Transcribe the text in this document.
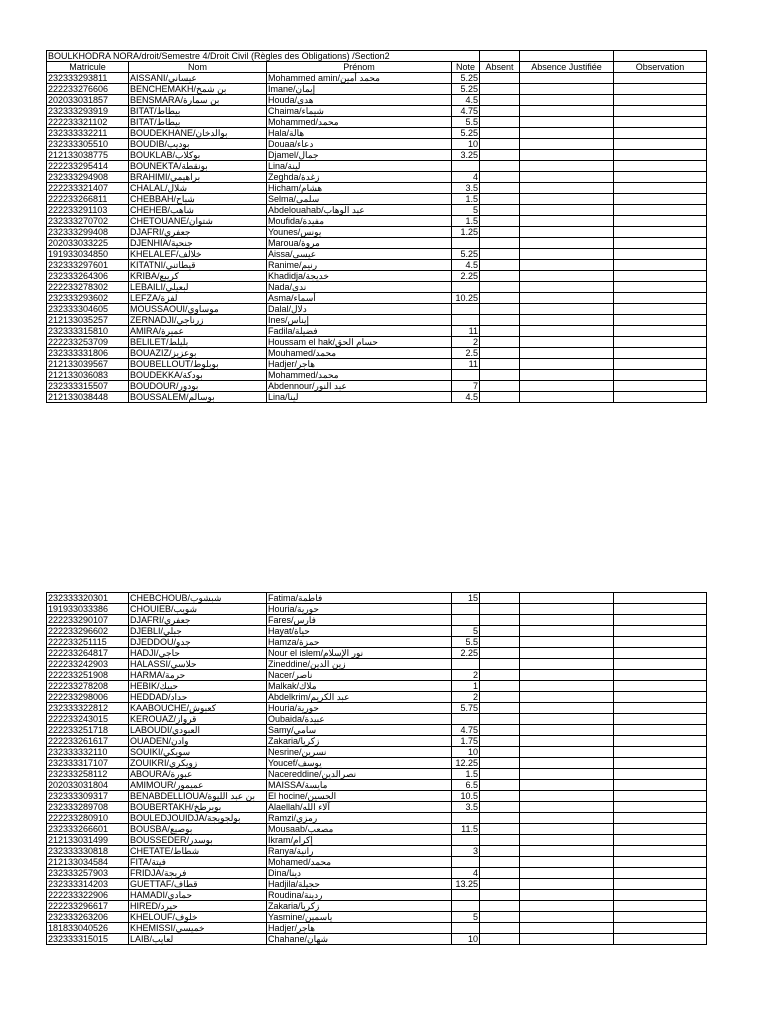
BOULKHODRA NORA/droit/Semestre 4/Droit Civil (Règles des Obligations) /Section2						
Matricule	Nom	Prénom	Note	Absent	Absence Justifiée	Observation
232333293811	AISSANI/عيساني	Mohammed amin/محمد أمين	5.25			
222233276606	BENCHEMAKH/بن شمخ	Imane/إيمان	5.25			
202033031857	BENSMARA/بن سمارة	Houda/هدى	4.5			
232333293919	BITAT/بيطاط	Chaima/شيماء	4.75			
222233321102	BITAT/بيطاط	Mohammed/محمد	5.5			
232333332211	BOUDEKHANE/بوالدخان	Hala/هالة	5.25			
232333305510	BOUDIB/بوديب	Douaa/دعاء	10			
212133038775	BOUKLAB/بوكلاب	Djamel/جمال	3.25			
222233295414	BOUNEKTA/بونقطة	Lina/لينة				
232333294908	BRAHIMI/براهيمي	Zeghda/زغدة	4			
222233321407	CHALAL/شلال	Hicham/هشام	3.5			
222233266811	CHEBBAH/شباح	Selma/سلمى	1.5			
222233291103	CHEHEB/شاهب	Abdelouahab/عبد الوهاب	5			
232333270702	CHETOUANE/شتوان	Moufida/مفيدة	1.5			
232333299408	DJAFRI/جعفري	Younes/يونس	1.25			
202033033225	DJENHIA/جنحية	Maroua/مروة				
191933034850	KHELALEF/خلالف	Aissa/عيسى	5.25			
232333297601	KITATNI/قيطاتني	Ranime/رنيم	4.5			
232333264306	KRIBA/كريبع	Khadidja/خديجة	2.25			
222233278302	LEBAILI/لبعيلي	Nada/ندى				
232333293602	LEFZA/لفزة	Asma/أسماء	10.25			
232333304605	MOUSSAOUI/موساوي	Dalal/دلال				
212133035257	ZERNADJI/زرناجي	Ines/إيناس				
232333315810	AMIRA/عميرة	Fadila/فضيلة	11			
222233253709	BELILET/بليلط	Houssam el hak/حسام الحق	2			
232333331806	BOUAZIZ/بوعزيز	Mouhamed/محمد	2.5			
212133039567	BOUBELLOUT/بوبلوط	Hadjer/هاجر	11			
212133036083	BOUDEKKA/بودكة	Mohammed/محمد				
232333315507	BOUDOUR/بودور	Abdennour/عبد النور	7			
212133038448	BOUSSALEM/بوسالم	Lina/لينا	4.5			
232333320301	CHEBCHOUB/شبشوب	Fatima/فاطمة	15			
191933033386	CHOUIEB/شويب	Houria/حورية				
222233290107	DJAFRI/جعفري	Fares/فارس				
222233296602	DJEBLI/جبلي	Hayat/حياة	5			
222233251115	DJEDDOU/جدو	Hamza/حمزة	5.5			
222233264817	HADJI/حاجي	Nour el islem/نور الإسلام	2.25			
222233242903	HALASSI/حلاسي	Zineddine/زين الدين				
222233251908	HARMA/حرمة	Nacer/ناصر	2			
222233278208	HEBIK/حبيك	Malkak/ملاك	1			
222233298006	HEDDAD/حداد	Abdelkrim/عبد الكريم	2			
232333322812	KAABOUCHE/كعبوش	Houria/حورية	5.75			
222233243015	KEROUAZ/قرواز	Oubaida/عبيدة				
222233251718	LABOUDI/العبودي	Samy/سامي	4.75			
222233261617	OUADEN/وادن	Zakaria/زكريا	1.75			
232333332110	SOUIKI/سويكي	Nesrine/نسرين	10			
232333317107	ZOUIKRI/زويكري	Youcef/يوسف	12.25			
232333258112	ABOURA/عبورة	Nacereddine/نصرالدين	1.5			
202033031804	AMIMOUR/عميمور	MAISSA/مايسة	6.5			
232333309317	BENABDELLIOUA/بن عبد الليوة	El hocine/الحسين	10.5			
232333289708	BOUBERTAKH/بوبرطخ	Alaellah/آلاء الله	3.5			
222233280910	BOULEDJOUIDJA/بولجويجة	Ramzi/رمزي				
232333266601	BOUSBA/بوصبع	Mousaab/مصعب	11.5			
212133031499	BOUSSEDER/بوسدر	Ikram/إكرام				
232333330818	CHETATE/شطاط	Ranya/رانية	3			
212133034584	FITA/فيتة	Mohamed/محمد				
232333257903	FRIDJA/فريجة	Dina/دينا	4			
232333314203	GUETTAF/قطاف	Hadjila/حجيلة	13.25			
222233322906	HAMADI/حمادي	Roudina/ردينة				
222233296617	HIRED/حيرد	Zakaria/زكريا				
232333263206	KHELOUF/خلوف	Yasmine/ياسمين	5			
181833040526	KHEMISSI/خميسي	Hadjer/هاجر				
232333315015	LAIB/لعايب	Chahane/شهان	10			
